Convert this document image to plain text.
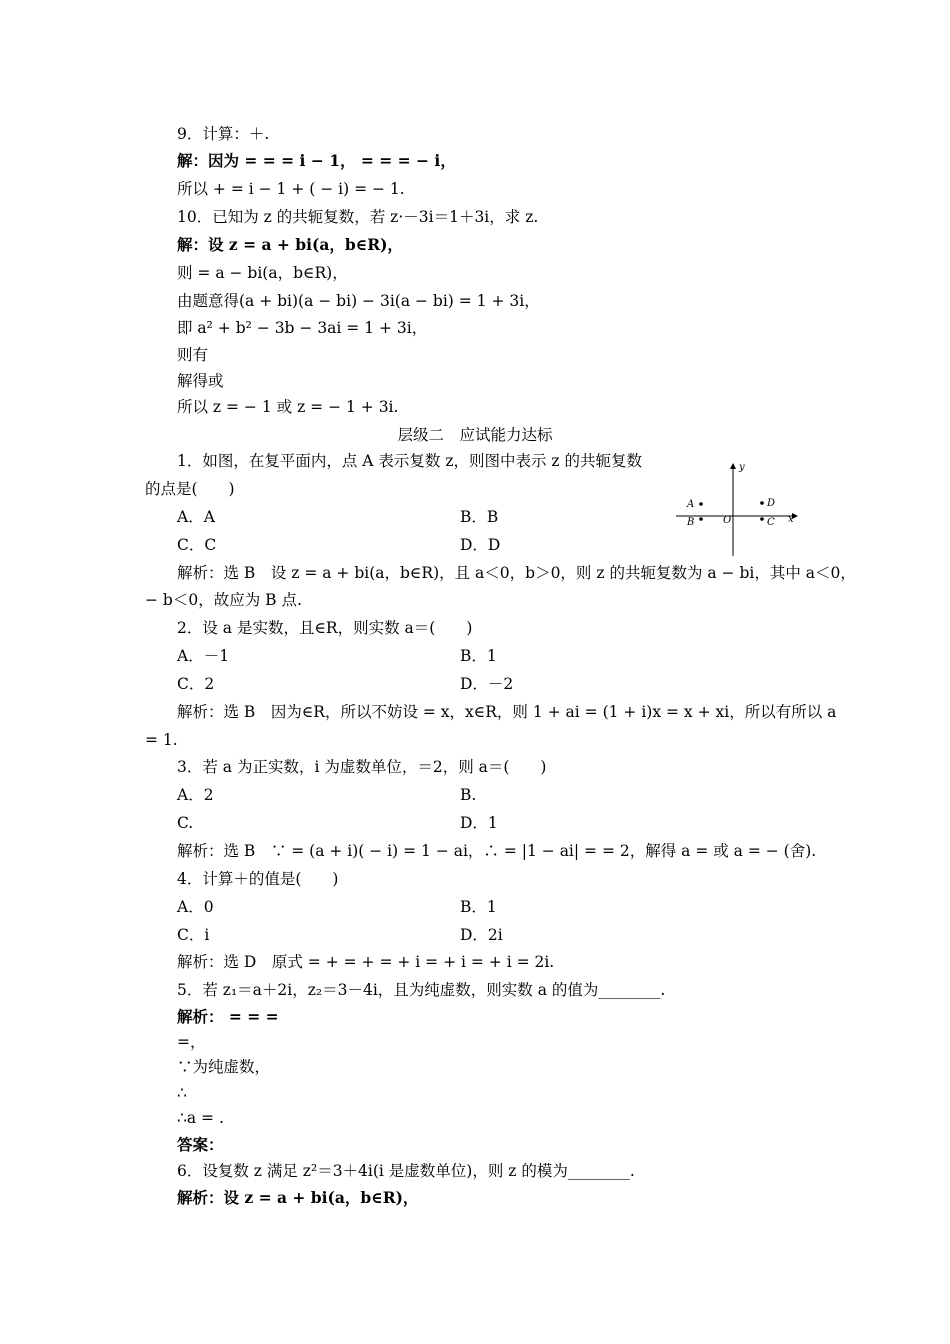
9．计算：＋.
解：因为 = = = i − 1， = = = − i，
所以 + = i − 1 + ( − i) = − 1.
10．已知为 z 的共轭复数，若 z·－3i＝1＋3i，求 z.
解：设 z = a + bi(a，b∈R)，
则 = a − bi(a，b∈R)，
由题意得(a + bi)(a − bi) − 3i(a − bi) = 1 + 3i，
即 a² + b² − 3b − 3ai = 1 + 3i，
则有
解得或
所以 z = − 1 或 z = − 1 + 3i.
层级二　应试能力达标
1．如图，在复平面内，点 A 表示复数 z，则图中表示 z 的共轭复数
的点是(　　)
A．A	B．B
C．C	D．D
y
x
O
A
B	C
D
解析：选 B　设 z = a + bi(a，b∈R)，且 a＜0，b＞0，则 z 的共轭复数为 a − bi，其中 a＜0，
− b＜0，故应为 B 点.
2．设 a 是实数，且∈R，则实数 a＝(　　)
A．－1	B．1
C．2	D．－2
解析：选 B　因为∈R，所以不妨设 = x，x∈R，则 1 + ai = (1 + i)x = x + xi，所以有所以 a
= 1.
3．若 a 为正实数，i 为虚数单位，＝2，则 a＝(　　)
A．2	B.
C.	D．1
解析：选 B　∵ = (a + i)( − i) = 1 − ai，∴ = |1 − ai| = = 2，解得 a = 或 a = − (舍).
4．计算＋的值是(　　)
A．0	B．1
C．i	D．2i
解析：选 D　原式 = + = + = + i = + i = + i = 2i.
5．若 z₁＝a＋2i，z₂＝3－4i，且为纯虚数，则实数 a 的值为________.
解析： = = =
=，
∵为纯虚数，
∴
∴a = .
答案：
6．设复数 z 满足 z²＝3＋4i(i 是虚数单位)，则 z 的模为________.
解析：设 z = a + bi(a，b∈R)，
